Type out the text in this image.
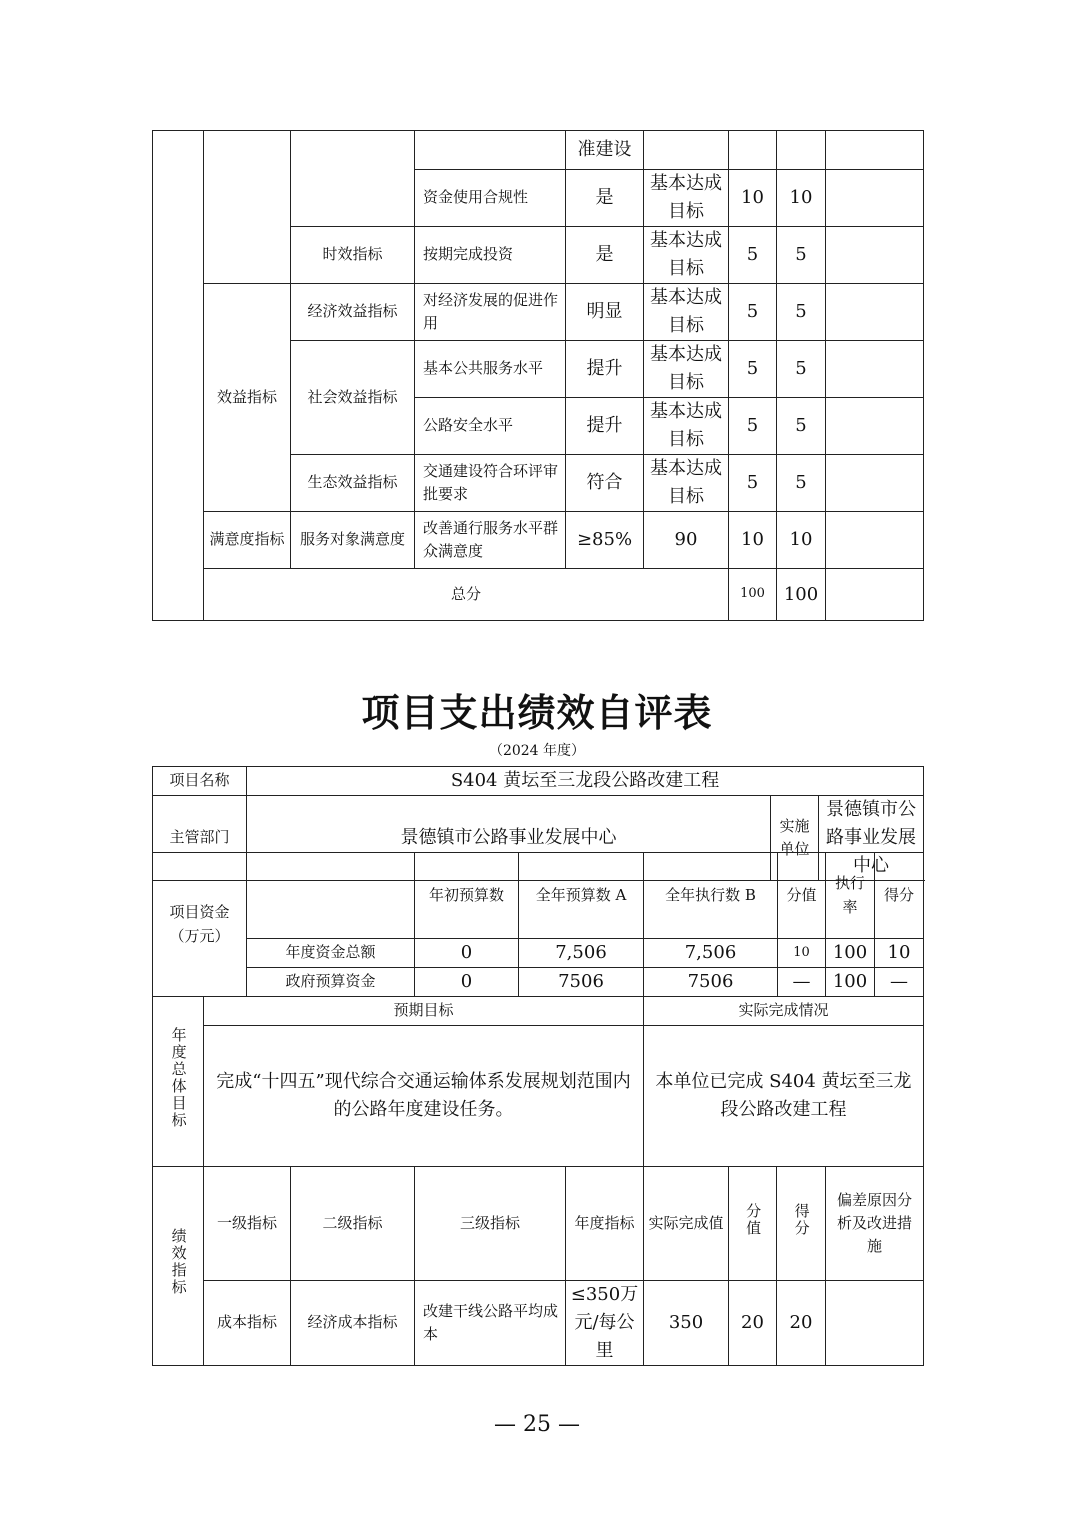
				准建设				
			资金使用合规性	是	基本达成目标	10	10	
		时效指标	按期完成投资	是	基本达成目标	5	5	
	效益指标	经济效益指标	对经济发展的促进作用	明显	基本达成目标	5	5	
		社会效益指标	基本公共服务水平	提升	基本达成目标	5	5	
			公路安全水平	提升	基本达成目标	5	5	
		生态效益指标	交通建设符合环评审批要求	符合	基本达成目标	5	5	
	满意度指标	服务对象满意度	改善通行服务水平群众满意度	≥85%	90	10	10	
	总分					100	100	
项目支出绩效自评表
（2024 年度）
项目名称	S404 黄坛至三龙段公路改建工程		
主管部门	景德镇市公路事业发展中心	实施单位	景德镇市公路事业发展中心
项目资金（万元）		年初预算数	全年预算数 A	全年执行数 B	分值	执行率	得分
	年度资金总额	0	7,506	7,506	10	100	10
	政府预算资金	0	7506	7506	—	100	—
年度总体目标	预期目标	实际完成情况
	完成“十四五”现代综合交通运输体系发展规划范围内的公路年度建设任务。	本单位已完成 S404 黄坛至三龙段公路改建工程
绩效指标	一级指标	二级指标	三级指标	年度指标	实际完成值	分值	得分	偏差原因分析及改进措施
	成本指标	经济成本指标	改建干线公路平均成本	≤350万元/每公里	350	20	20	
— 25 —
